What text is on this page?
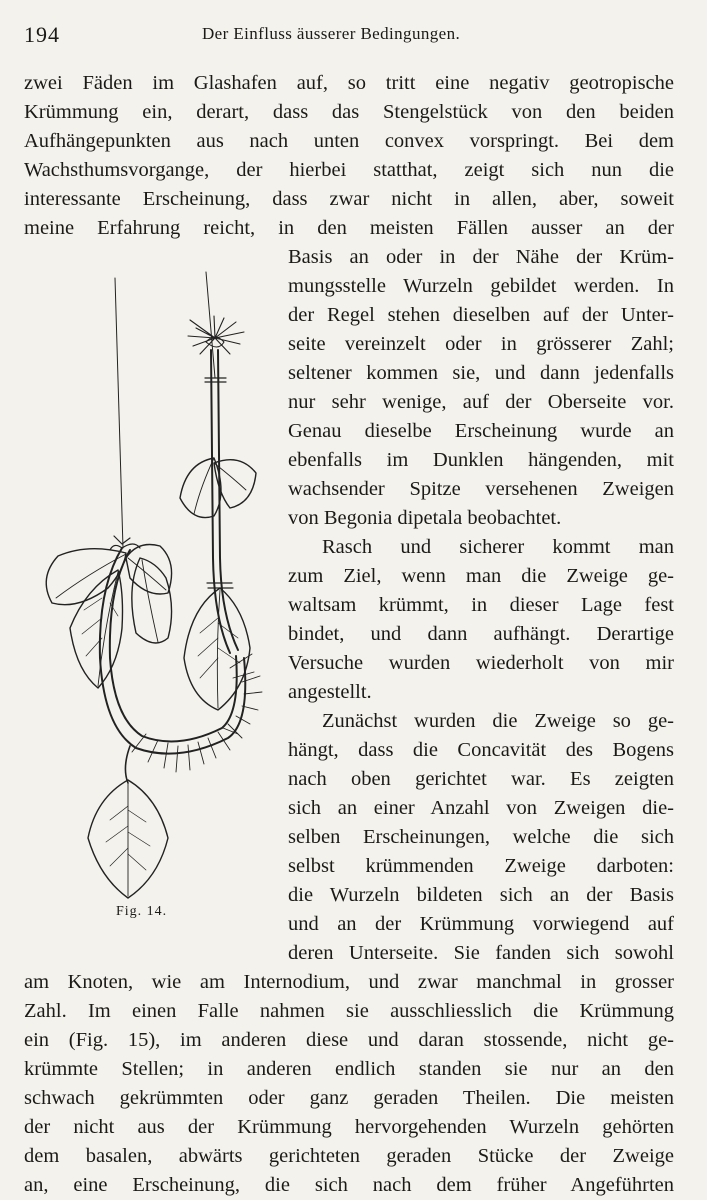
194	Der Einfluss äusserer Bedingungen.
zwei Fäden im Glashafen auf, so tritt eine negativ geotropische
Krümmung ein, derart, dass das Stengelstück von den beiden
Aufhängepunkten aus nach unten convex vorspringt. Bei dem
Wachsthumsvorgange, der hierbei statthat, zeigt sich nun die
interessante Erscheinung, dass zwar nicht in allen, aber, soweit
meine Erfahrung reicht, in den meisten Fällen ausser an der
Basis an oder in der Nähe der Krüm-
mungsstelle Wurzeln gebildet werden. In
der Regel stehen dieselben auf der Unter-
seite vereinzelt oder in grösserer Zahl;
seltener kommen sie, und dann jedenfalls
nur sehr wenige, auf der Oberseite vor.
Genau dieselbe Erscheinung wurde an
ebenfalls im Dunklen hängenden, mit
wachsender Spitze versehenen Zweigen
von Begonia dipetala beobachtet.
Rasch und sicherer kommt man
zum Ziel, wenn man die Zweige ge-
waltsam krümmt, in dieser Lage fest
bindet, und dann aufhängt. Derartige
Versuche wurden wiederholt von mir
angestellt.
Zunächst wurden die Zweige so ge-
hängt, dass die Concavität des Bogens
nach oben gerichtet war. Es zeigten
sich an einer Anzahl von Zweigen die-
selben Erscheinungen, welche die sich
selbst krümmenden Zweige darboten:
die Wurzeln bildeten sich an der Basis
und an der Krümmung vorwiegend auf
deren Unterseite. Sie fanden sich sowohl
am Knoten, wie am Internodium, und zwar manchmal in grosser
Zahl. Im einen Falle nahmen sie ausschliesslich die Krümmung
ein (Fig. 15), im anderen diese und daran stossende, nicht ge-
krümmte Stellen; in anderen endlich standen sie nur an den
schwach gekrümmten oder ganz geraden Theilen. Die meisten
der nicht aus der Krümmung hervorgehenden Wurzeln gehörten
dem basalen, abwärts gerichteten geraden Stücke der Zweige
an, eine Erscheinung, die sich nach dem früher Angeführten
Fig. 14.
